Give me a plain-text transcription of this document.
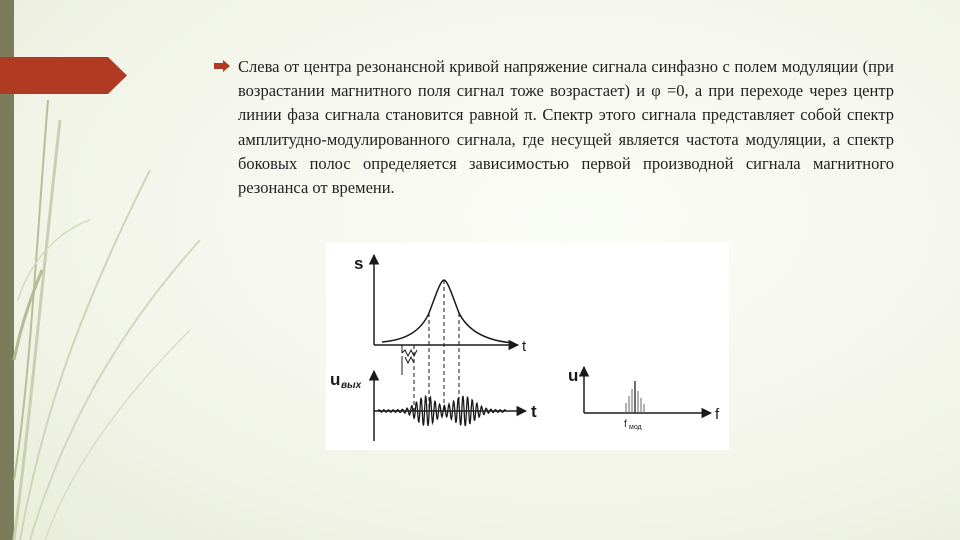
Слева от центра резонансной кривой напряжение сигнала синфазно с полем модуляции (при возрастании магнитного поля сигнал тоже возрастает) и φ =0, а при переходе через центр линии фаза сигнала становится равной π. Спектр этого сигнала представляет собой спектр амплитудно-модулированного сигнала, где несущей является частота модуляции, а спектр боковых полос определяется зависимостью первой производной сигнала магнитного резонанса от времени.

s
t
u вых
t
u
f
f мод
